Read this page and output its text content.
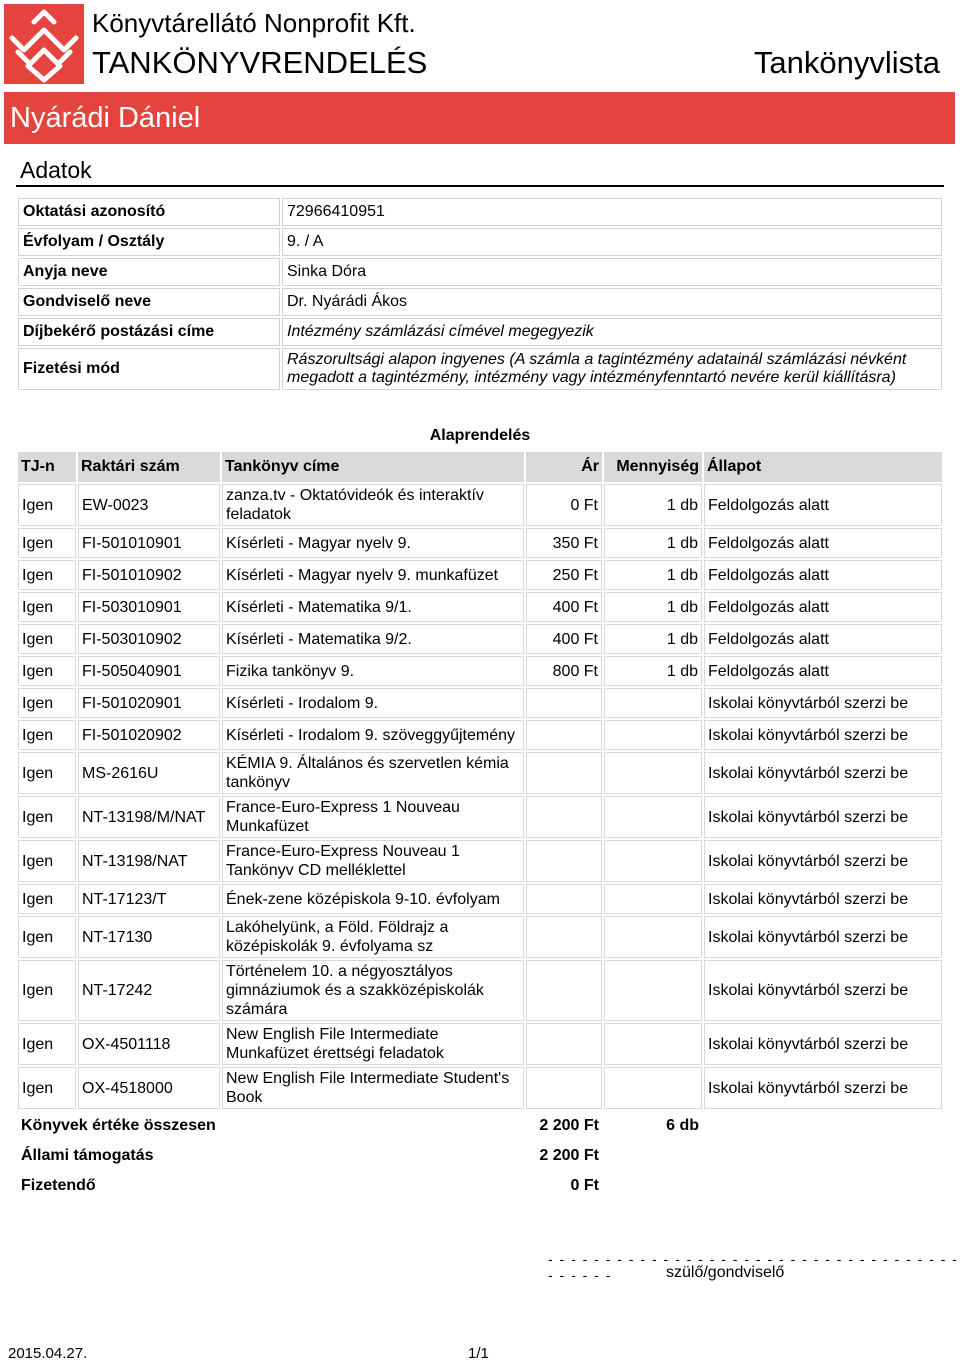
Könyvtárellátó Nonprofit Kft.
TANKÖNYVRENDELÉS	Tankönyvlista
Nyárádi Dániel
Adatok
Oktatási azonosító	72966410951
Évfolyam / Osztály	9. / A
Anyja neve	Sinka Dóra
Gondviselő neve	Dr. Nyárádi Ákos
Díjbekérő postázási címe	Intézmény számlázási címével megegyezik
Fizetési mód	Rászorultsági alapon ingyenes (A számla a tagintézmény adatainál számlázási névként megadott a tagintézmény, intézmény vagy intézményfenntartó nevére kerül kiállításra)
Alaprendelés
TJ-n	Raktári szám	Tankönyv címe	Ár	Mennyiség	Állapot
Igen	EW-0023	zanza.tv - Oktatóvideók és interaktív feladatok	0 Ft	1 db	Feldolgozás alatt
Igen	FI-501010901	Kísérleti - Magyar nyelv 9.	350 Ft	1 db	Feldolgozás alatt
Igen	FI-501010902	Kísérleti - Magyar nyelv 9. munkafüzet	250 Ft	1 db	Feldolgozás alatt
Igen	FI-503010901	Kísérleti - Matematika 9/1.	400 Ft	1 db	Feldolgozás alatt
Igen	FI-503010902	Kísérleti - Matematika 9/2.	400 Ft	1 db	Feldolgozás alatt
Igen	FI-505040901	Fizika tankönyv 9.	800 Ft	1 db	Feldolgozás alatt
Igen	FI-501020901	Kísérleti - Irodalom 9.			Iskolai könyvtárból szerzi be
Igen	FI-501020902	Kísérleti - Irodalom 9. szöveggyűjtemény			Iskolai könyvtárból szerzi be
Igen	MS-2616U	KÉMIA 9. Általános és szervetlen kémia tankönyv			Iskolai könyvtárból szerzi be
Igen	NT-13198/M/NAT	France-Euro-Express 1 Nouveau Munkafüzet			Iskolai könyvtárból szerzi be
Igen	NT-13198/NAT	France-Euro-Express Nouveau 1 Tankönyv CD melléklettel			Iskolai könyvtárból szerzi be
Igen	NT-17123/T	Ének-zene középiskola 9-10. évfolyam			Iskolai könyvtárból szerzi be
Igen	NT-17130	Lakóhelyünk, a Föld. Földrajz a középiskolák 9. évfolyama sz			Iskolai könyvtárból szerzi be
Igen	NT-17242	Történelem 10. a négyosztályos gimnáziumok és a szakközépiskolák számára			Iskolai könyvtárból szerzi be
Igen	OX-4501118	New English File Intermediate Munkafüzet érettségi feladatok			Iskolai könyvtárból szerzi be
Igen	OX-4518000	New English File Intermediate Student's Book			Iskolai könyvtárból szerzi be
Könyvek értéke összesen			2 200 Ft	6 db	
Állami támogatás			2 200 Ft		
Fizetendő			0 Ft		
- - - - - - - - - - - - - - - - - - - - - - - - - - - - - - - - - - - - - - - - - -	szülő/gondviselő
2015.04.27.	1/1
